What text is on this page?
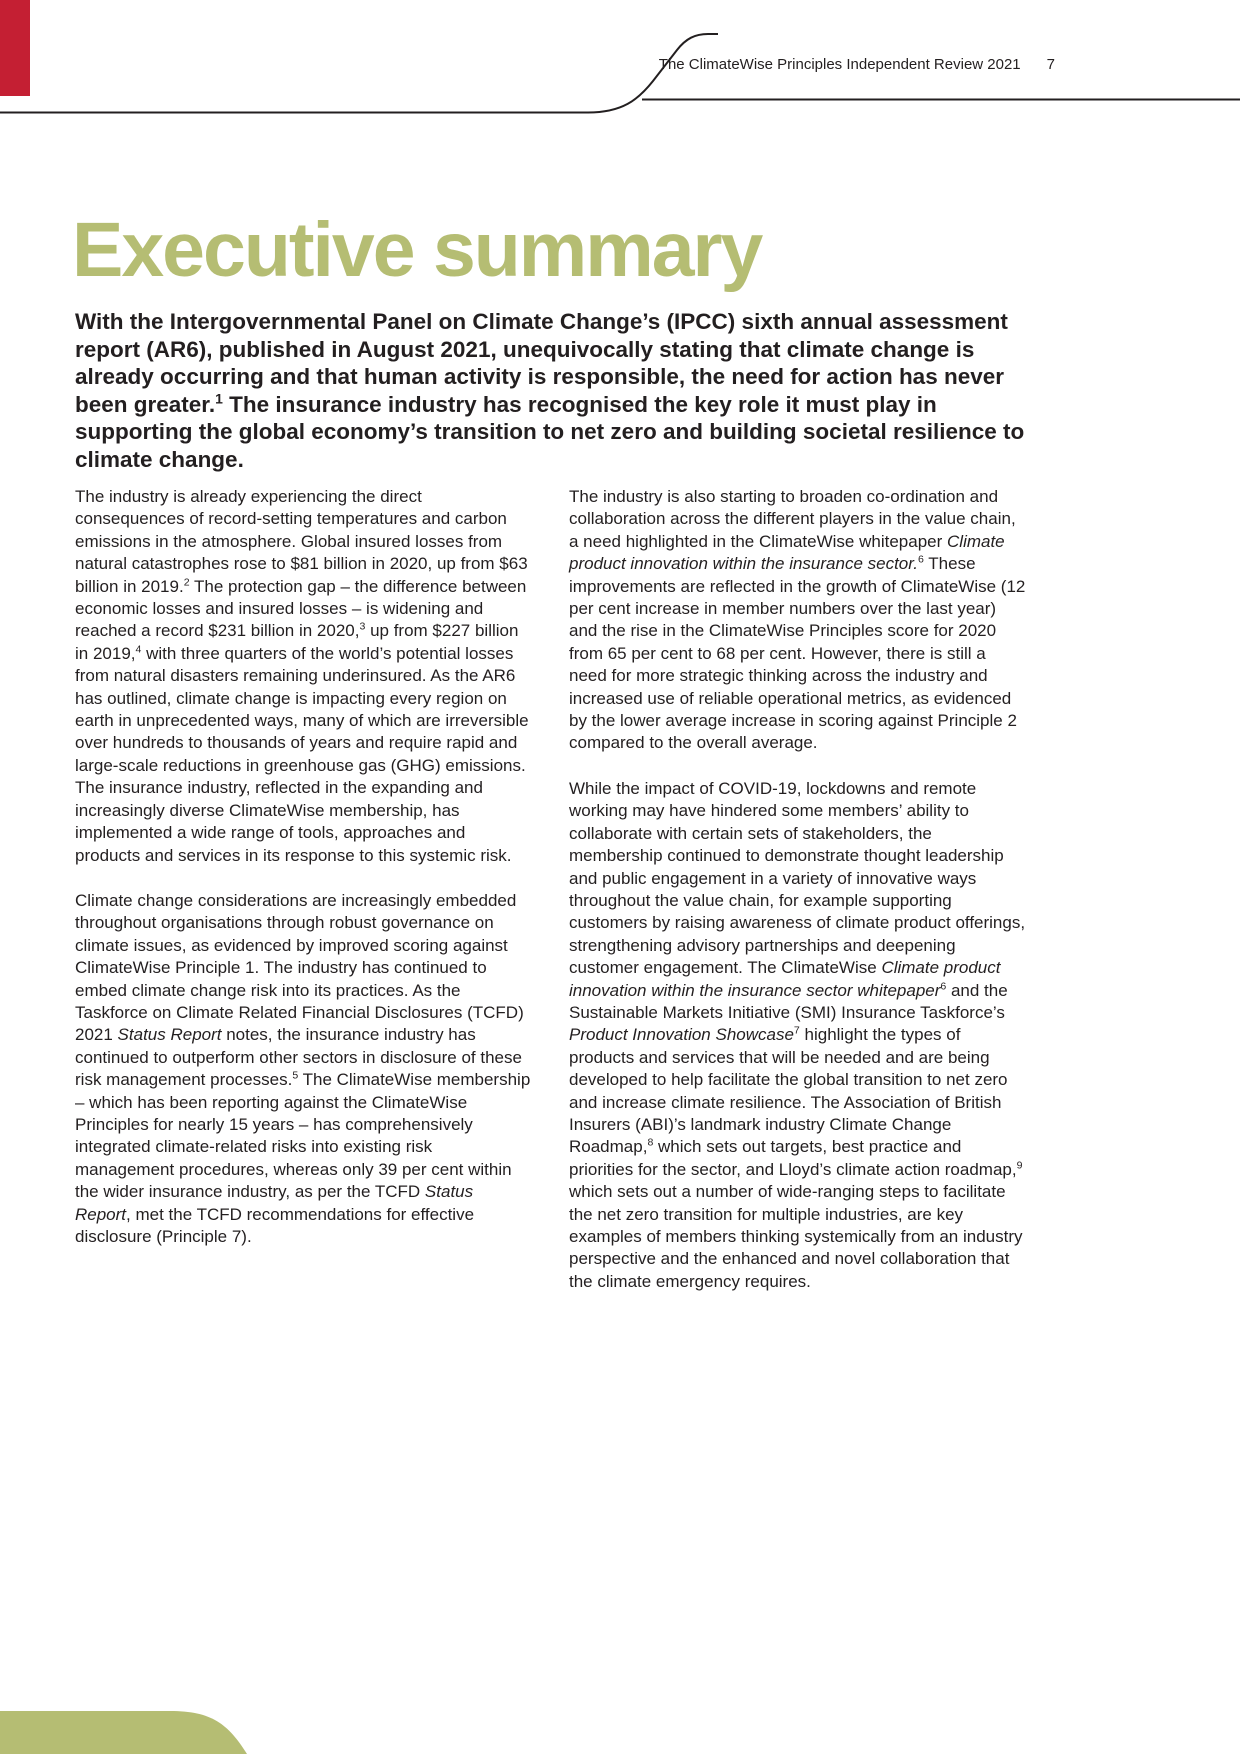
The ClimateWise Principles Independent Review 2021 7
Executive summary

With the Intergovernmental Panel on Climate Change’s (IPCC) sixth annual assessment report (AR6), published in August 2021, unequivocally stating that climate change is already occurring and that human activity is responsible, the need for action has never been greater.$^1$ The insurance industry has recognised the key role it must play in supporting the global economy’s transition to net zero and building societal resilience to climate change.

The industry is already experiencing the direct consequences of record-setting temperatures and carbon emissions in the atmosphere. Global insured losses from natural catastrophes rose to $81 billion in 2020, up from $63 billion in 2019.$^2$ The protection gap – the difference between economic losses and insured losses – is widening and reached a record $231 billion in 2020,$^3$ up from $227 billion in 2019,$^4$ with three quarters of the world’s potential losses from natural disasters remaining underinsured. As the AR6 has outlined, climate change is impacting every region on earth in unprecedented ways, many of which are irreversible over hundreds to thousands of years and require rapid and large-scale reductions in greenhouse gas (GHG) emissions. The insurance industry, reflected in the expanding and increasingly diverse ClimateWise membership, has implemented a wide range of tools, approaches and products and services in its response to this systemic risk.

Climate change considerations are increasingly embedded throughout organisations through robust governance on climate issues, as evidenced by improved scoring against ClimateWise Principle 1. The industry has continued to embed climate change risk into its practices. As the Taskforce on Climate Related Financial Disclosures (TCFD) 2021 Status Report notes, the insurance industry has continued to outperform other sectors in disclosure of these risk management processes.$^5$ The ClimateWise membership – which has been reporting against the ClimateWise Principles for nearly 15 years – has comprehensively integrated climate-related risks into existing risk management procedures, whereas only 39 per cent within the wider insurance industry, as per the TCFD Status Report, met the TCFD recommendations for effective disclosure (Principle 7).

The industry is also starting to broaden co-ordination and collaboration across the different players in the value chain, a need highlighted in the ClimateWise whitepaper Climate product innovation within the insurance sector.$^6$ These improvements are reflected in the growth of ClimateWise (12 per cent increase in member numbers over the last year) and the rise in the ClimateWise Principles score for 2020 from 65 per cent to 68 per cent. However, there is still a need for more strategic thinking across the industry and increased use of reliable operational metrics, as evidenced by the lower average increase in scoring against Principle 2 compared to the overall average.

While the impact of COVID-19, lockdowns and remote working may have hindered some members’ ability to collaborate with certain sets of stakeholders, the membership continued to demonstrate thought leadership and public engagement in a variety of innovative ways throughout the value chain, for example supporting customers by raising awareness of climate product offerings, strengthening advisory partnerships and deepening customer engagement. The ClimateWise Climate product innovation within the insurance sector whitepaper$^6$ and the Sustainable Markets Initiative (SMI) Insurance Taskforce’s Product Innovation Showcase$^7$ highlight the types of products and services that will be needed and are being developed to help facilitate the global transition to net zero and increase climate resilience. The Association of British Insurers (ABI)’s landmark industry Climate Change Roadmap,$^8$ which sets out targets, best practice and priorities for the sector, and Lloyd’s climate action roadmap,$^9$ which sets out a number of wide-ranging steps to facilitate the net zero transition for multiple industries, are key examples of members thinking systemically from an industry perspective and the enhanced and novel collaboration that the climate emergency requires.
